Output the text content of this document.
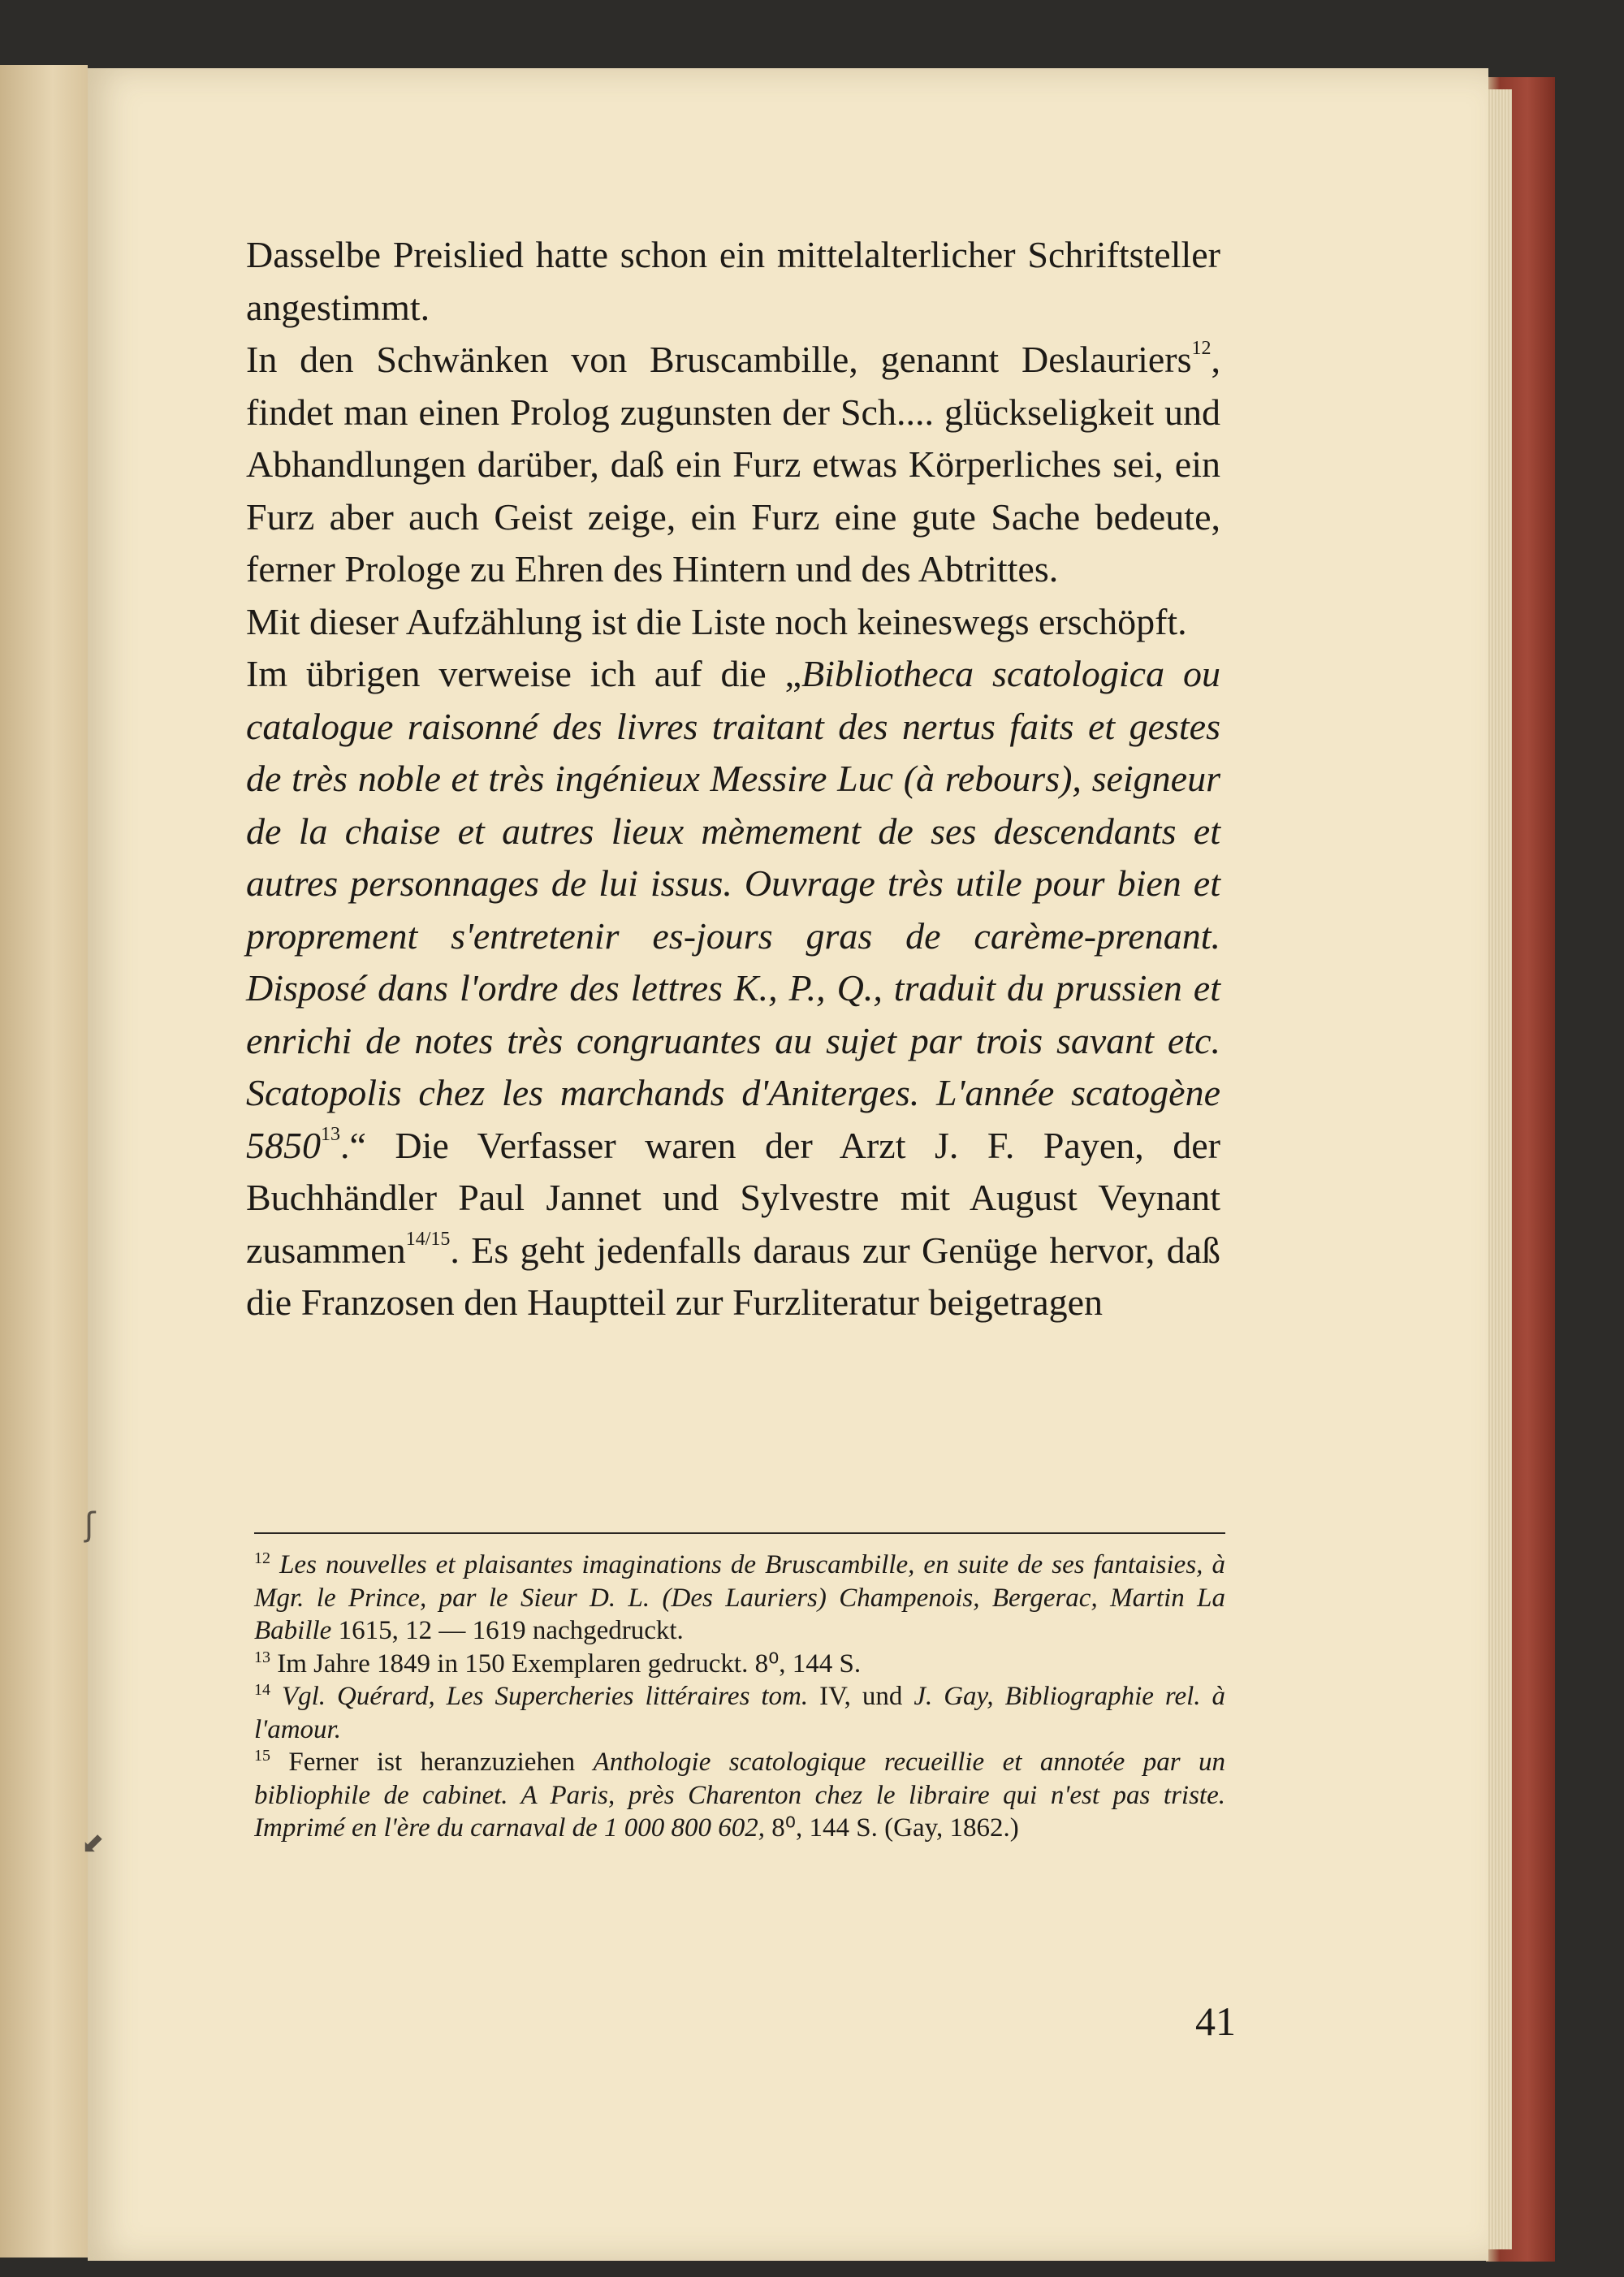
ʃ
⬋

Dasselbe Preislied hatte schon ein mittelalterlicher Schriftsteller angestimmt.

In den Schwänken von Bruscambille, genannt Deslauriers$^{12}$, findet man einen Prolog zugunsten der Sch.... glückseligkeit und Abhandlungen darüber, daß ein Furz etwas Körperliches sei, ein Furz aber auch Geist zeige, ein Furz eine gute Sache bedeute, ferner Prologe zu Ehren des Hintern und des Abtrittes.

Mit dieser Aufzählung ist die Liste noch keineswegs erschöpft.

Im übrigen verweise ich auf die „Bibliotheca scatologica ou catalogue raisonné des livres traitant des nertus faits et gestes de très noble et très ingénieux Messire Luc (à rebours), seigneur de la chaise et autres lieux mèmement de ses descendants et autres personnages de lui issus. Ouvrage très utile pour bien et proprement s'entretenir es-jours gras de carème-prenant. Disposé dans l'ordre des lettres K., P., Q., traduit du prussien et enrichi de notes très congruantes au sujet par trois savant etc. Scatopolis chez les marchands d'Aniterges. L'année scatogène 5850$^{13}$.“ Die Verfasser waren der Arzt J. F. Payen, der Buchhändler Paul Jannet und Sylvestre mit August Veynant zusammen$^{14/15}$. Es geht jedenfalls daraus zur Genüge hervor, daß die Franzosen den Hauptteil zur Furzliteratur beigetragen

$^{12}$ Les nouvelles et plaisantes imaginations de Bruscambille, en suite de ses fantaisies, à Mgr. le Prince, par le Sieur D. L. (Des Lauriers) Champenois, Bergerac, Martin La Babille 1615, 12 — 1619 nachgedruckt.

$^{13}$ Im Jahre 1849 in 150 Exemplaren gedruckt. 8⁰, 144 S.

$^{14}$ Vgl. Quérard, Les Supercheries littéraires tom. IV, und J. Gay, Bibliographie rel. à l'amour.

$^{15}$ Ferner ist heranzuziehen Anthologie scatologique recueillie et annotée par un bibliophile de cabinet. A Paris, près Charenton chez le libraire qui n'est pas triste. Imprimé en l'ère du carnaval de 1 000 800 602, 8⁰, 144 S. (Gay, 1862.)

41
